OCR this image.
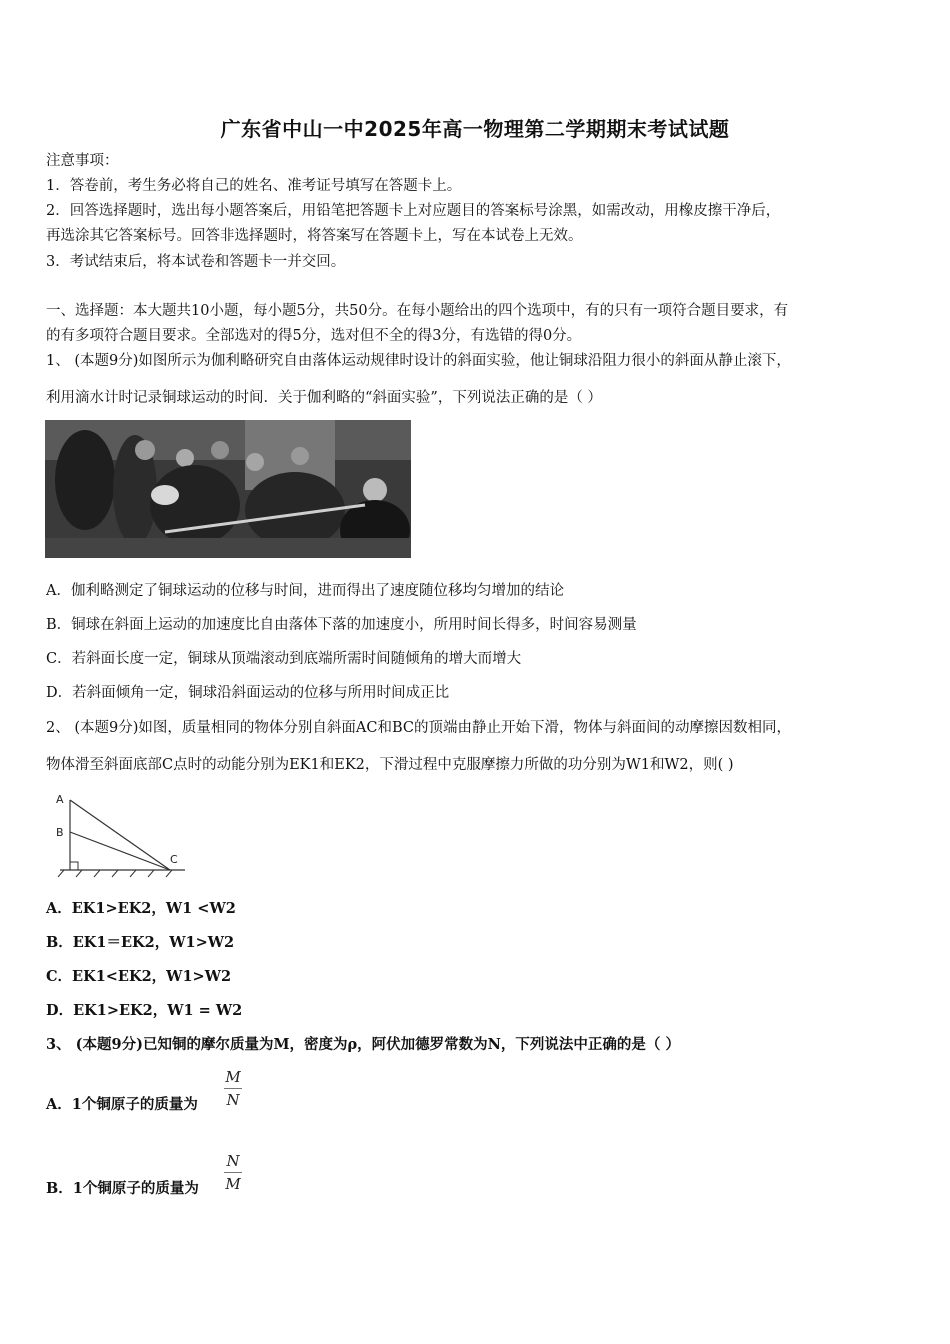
广东省中山一中2025年高一物理第二学期期末考试试题
注意事项：
1．答卷前，考生务必将自己的姓名、准考证号填写在答题卡上。
2．回答选择题时，选出每小题答案后，用铅笔把答题卡上对应题目的答案标号涂黑，如需改动，用橡皮擦干净后，
再选涂其它答案标号。回答非选择题时，将答案写在答题卡上，写在本试卷上无效。
3．考试结束后，将本试卷和答题卡一并交回。
一、选择题：本大题共10小题，每小题5分，共50分。在每小题给出的四个选项中，有的只有一项符合题目要求，有
的有多项符合题目要求。全部选对的得5分，选对但不全的得3分，有选错的得0分。
1、 (本题9分)如图所示为伽利略研究自由落体运动规律时设计的斜面实验，他让铜球沿阻力很小的斜面从静止滚下，
利用滴水计时记录铜球运动的时间．关于伽利略的“斜面实验”，下列说法正确的是（ ）
A．伽利略测定了铜球运动的位移与时间，进而得出了速度随位移均匀增加的结论
B．铜球在斜面上运动的加速度比自由落体下落的加速度小，所用时间长得多，时间容易测量
C．若斜面长度一定，铜球从顶端滚动到底端所需时间随倾角的增大而增大
D．若斜面倾角一定，铜球沿斜面运动的位移与所用时间成正比
2、 (本题9分)如图，质量相同的物体分别自斜面AC和BC的顶端由静止开始下滑，物体与斜面间的动摩擦因数相同，
物体滑至斜面底部C点时的动能分别为EK1和EK2，下滑过程中克服摩擦力所做的功分别为W1和W2，则( )
A
B
C
A．EK1>EK2，W1 <W2
B．EK1＝EK2，W1>W2
C．EK1<EK2，W1>W2
D．EK1>EK2，W1 = W2
3、 (本题9分)已知铜的摩尔质量为M，密度为ρ，阿伏加德罗常数为N，下列说法中正确的是（ ）
A．1个铜原子的质量为
M
N
B．1个铜原子的质量为
N
M
